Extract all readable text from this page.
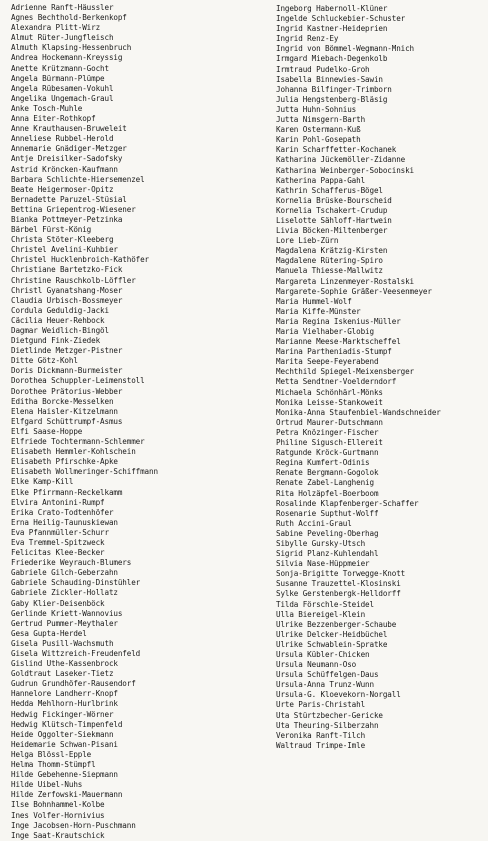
Adrienne Ranft-Häussler
Agnes Bechthold-Berkenkopf
Alexandra Plitt-Wirz
Almut Rüter-Jungfleisch
Almuth Klapsing-Hessenbruch
Andrea Hockemann-Kreyssig
Anette Krützmann-Gocht
Angela Bürmann-Plümpe
Angela Rübesamen-Vokuhl
Angelika Ungemach-Graul
Anke Tosch-Muhle
Anna Eiter-Rothkopf
Anne Krauthausen-Bruweleit
Anneliese Rubbel-Herold
Annemarie Gnädiger-Metzger
Antje Dreisilker-Sadofsky
Astrid Kröncken-Kaufmann
Barbara Schlichte-Hiersemenzel
Beate Heigermoser-Opitz
Bernadette Paruzel-Stüsial
Bettina Griepentrog-Wiesener
Bianka Pottmeyer-Petzinka
Bärbel Fürst-König
Christa Stöter-Kleeberg
Christel Avelini-Kuhbier
Christel Hucklenbroich-Kathöfer
Christiane Bartetzko-Fick
Christine Rauschkolb-Löffler
Christl Gyanatshang-Moser
Claudia Urbisch-Bossmeyer
Cordula Geduldig-Jacki
Cäcilia Heuer-Rehbock
Dagmar Weidlich-Bingöl
Dietgund Fink-Ziedek
Dietlinde Metzger-Pistner
Ditte Götz-Kohl
Doris Dickmann-Burmeister
Dorothea Schuppler-Leimenstoll
Dorothee Prätorius-Webber
Editha Borcke-Messelken
Elena Haisler-Kitzelmann
Elfgard Schüttrumpf-Asmus
Elfi Saase-Hoppe
Elfriede Tochtermann-Schlemmer
Elisabeth Hemmler-Kohlschein
Elisabeth Pfirschke-Apke
Elisabeth Wollmeringer-Schiffmann
Elke Kamp-Kill
Elke Pfirrmann-Reckelkamm
Elvira Antonini-Rumpf
Erika Crato-Todtenhöfer
Erna Heilig-Taunuskiewan
Eva Pfannmüller-Schurr
Eva Tremmel-Spitzweck
Felicitas Klee-Becker
Friederike Weyrauch-Blumers
Gabriele Gilch-Geberzahn
Gabriele Schauding-Dinstühler
Gabriele Zickler-Hollatz
Gaby Klier-Deisenböck
Gerlinde Kriett-Wannovius
Gertrud Pummer-Meythaler
Gesa Gupta-Herdel
Gisela Pusill-Wachsmuth
Gisela Wittzreich-Freudenfeld
Gislind Uthe-Kassenbrock
Goldtraut Laseker-Tietz
Gudrun Grundhöfer-Rausendorf
Hannelore Landherr-Knopf
Hedda Mehlhorn-Hurlbrink
Hedwig Fickinger-Wörner
Hedwig Klütsch-Timpenfeld
Heide Oggolter-Siekmann
Heidemarie Schwan-Pisani
Helga Blössl-Epple
Helma Thomm-Stümpfl
Hilde Gebehenne-Siepmann
Hilde Uibel-Nuhs
Hilde Zerfowski-Mauermann
Ilse Bohnhammel-Kolbe
Ines Volfer-Hornivius
Inge Jacobsen-Horn-Puschmann
Inge Saat-Krautschick
Ingeborg Habernoll-Klüner
Ingelde Schluckebier-Schuster
Ingrid Kastner-Heideprien
Ingrid Renz-Ey
Ingrid von Bömmel-Wegmann-Mnich
Irmgard Miebach-Degenkolb
Irmtraud Pudelko-Groh
Isabella Binnewies-Sawin
Johanna Bilfinger-Trimborn
Julia Hengstenberg-Bläsig
Jutta Huhn-Sohnius
Jutta Nimsgern-Barth
Karen Ostermann-Kuß
Karin Pohl-Gosepath
Karin Scharffetter-Kochanek
Katharina Jückemöller-Zidanne
Katharina Weinberger-Sobocinski
Katherina Pappa-Gahl
Kathrin Schafferus-Bögel
Kornelia Brüske-Bourscheid
Kornelia Tschakert-Crudup
Liselotte Sähloff-Hartwein
Livia Böcken-Miltenberger
Lore Lieb-Zürn
Magdalena Krätzig-Kirsten
Magdalene Rütering-Spiro
Manuela Thiesse-Mallwitz
Margareta Linzenmeyer-Rostalski
Margarete-Sophie Gräßer-Veesenmeyer
Maria Hummel-Wolf
Maria Kiffe-Münster
Maria Regina Iskenius-Müller
Maria Vielhaber-Globig
Marianne Meese-Marktscheffel
Marina Partheniadis-Stumpf
Marita Seepe-Feyerabend
Mechthild Spiegel-Meixensberger
Metta Sendtner-Voelderndorf
Michaela Schönhärl-Mönks
Monika Leisse-Stankoweit
Monika-Anna Staufenbiel-Wandschneider
Ortrud Maurer-Dutschmann
Petra Knözinger-Fischer
Philine Sigusch-Ellereit
Ratgunde Kröck-Gurtmann
Regina Kumfert-Odinis
Renate Bergmann-Gogolok
Renate Zabel-Langhenig
Rita Holzäpfel-Boerboom
Rosalinde Klapfenberger-Schaffer
Rosenarie Supthut-Wolff
Ruth Accini-Graul
Sabine Peveling-Oberhag
Sibylle Gursky-Utsch
Sigrid Planz-Kuhlendahl
Silvia Nase-Hüppmeier
Sonja-Brigitte Torwegge-Knott
Susanne Trauzettel-Klosinski
Sylke Gerstenbergk-Helldorff
Tilda Förschle-Steidel
Ulla Biereigel-Klein
Ulrike Bezzenberger-Schaube
Ulrike Delcker-Heidbüchel
Ulrike Schwablein-Spratke
Ursula Kübler-Chicken
Ursula Neumann-Oso
Ursula Schüffelgen-Daus
Ursula-Anna Trunz-Wunn
Ursula-G. Kloevekorn-Norgall
Urte Paris-Christahl
Uta Stürtzbecher-Gericke
Uta Theuring-Silberzahn
Veronika Ranft-Tilch
Waltraud Trimpe-Imle
